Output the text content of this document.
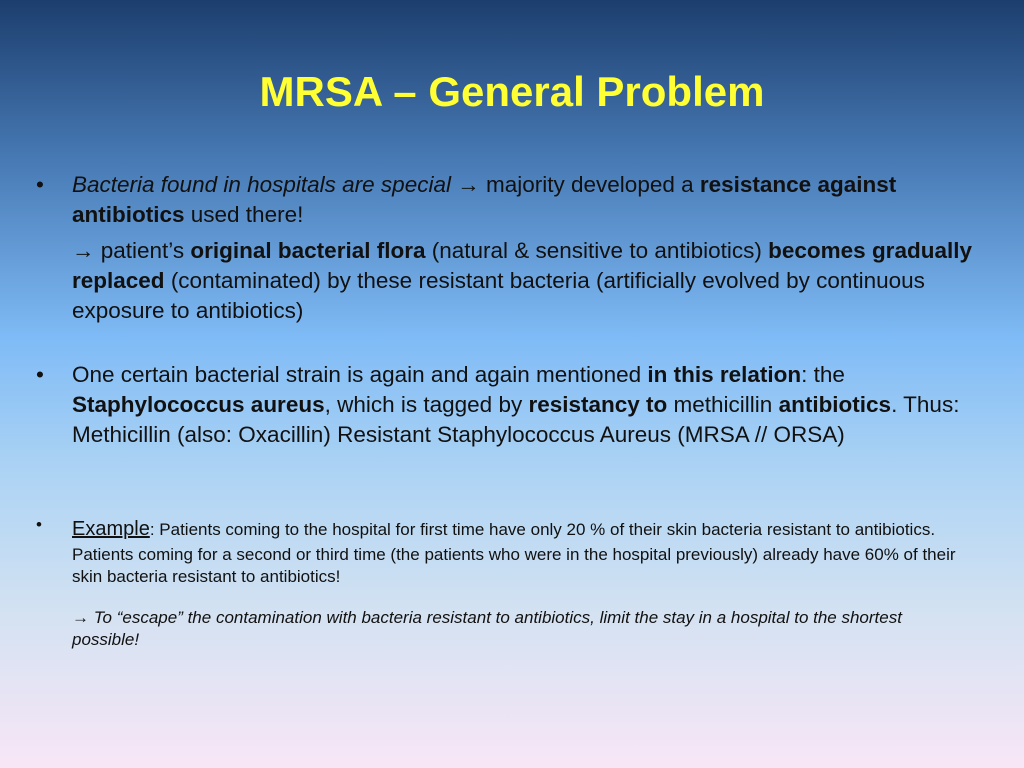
MRSA – General Problem
• Bacteria found in hospitals are special → majority developed a resistance against antibiotics used there!
→ patient’s original bacterial flora (natural & sensitive to antibiotics) becomes gradually replaced (contaminated) by these resistant bacteria (artificially evolved by continuous exposure to antibiotics)
• One certain bacterial strain is again and again mentioned in this relation: the Staphylococcus aureus, which is tagged by resistancy to methicillin antibiotics. Thus: Methicillin (also: Oxacillin) Resistant Staphylococcus Aureus (MRSA // ORSA)
• Example: Patients coming to the hospital for first time have only 20 % of their skin bacteria resistant to antibiotics. Patients coming for a second or third time (the patients who were in the hospital previously) already have 60% of their skin bacteria resistant to antibiotics!
→ To “escape” the contamination with bacteria resistant to antibiotics, limit the stay in a hospital to the shortest possible!
